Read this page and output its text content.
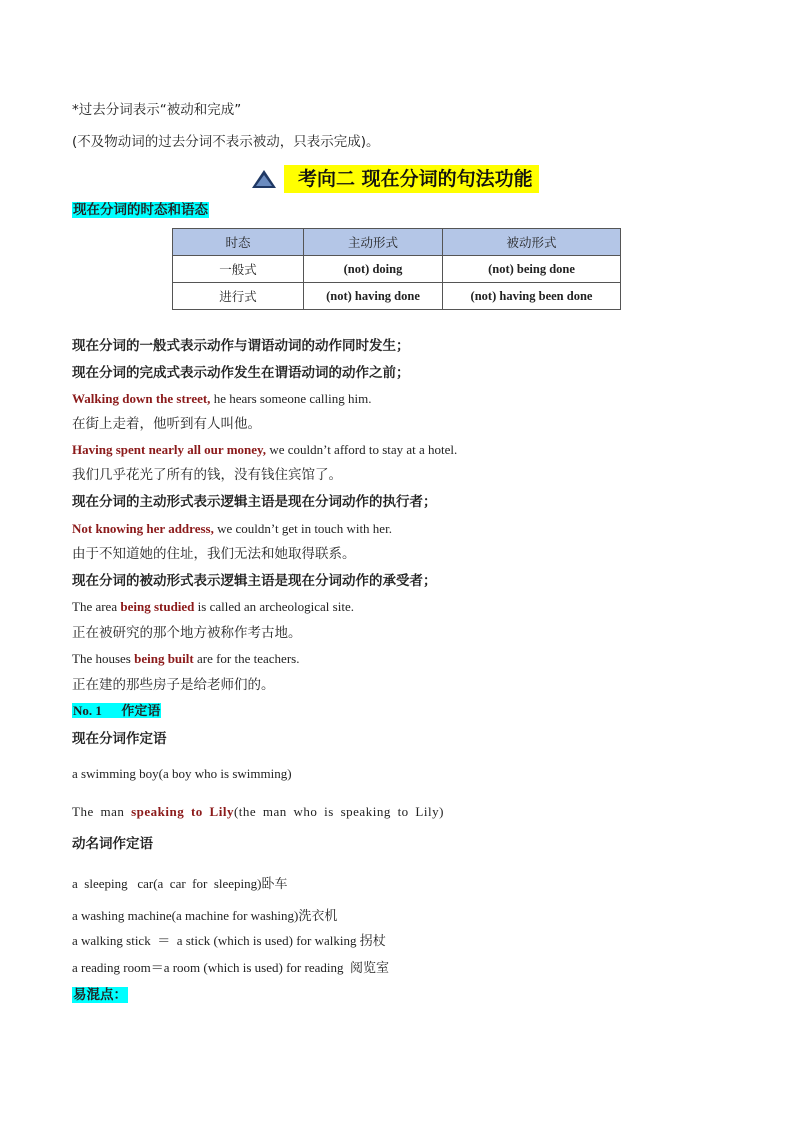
*过去分词表示“被动和完成”
(不及物动词的过去分词不表示被动，只表示完成)。
考向二 现在分词的句法功能
现在分词的时态和语态
时态	主动形式	被动形式
一般式	(not) doing	(not) being done
进行式	(not) having done	(not) having been done
现在分词的一般式表示动作与谓语动词的动作同时发生；
现在分词的完成式表示动作发生在谓语动词的动作之前；
Walking down the street, he hears someone calling him.
在街上走着，他听到有人叫他。
Having spent nearly all our money, we couldn’t afford to stay at a hotel.
我们几乎花光了所有的钱，没有钱住宾馆了。
现在分词的主动形式表示逻辑主语是现在分词动作的执行者；
Not knowing her address, we couldn’t get in touch with her.
由于不知道她的住址，我们无法和她取得联系。
现在分词的被动形式表示逻辑主语是现在分词动作的承受者；
The area being studied is called an archeological site.
正在被研究的那个地方被称作考古地。
The houses being built are for the teachers.
正在建的那些房子是给老师们的。
No. 1      作定语
现在分词作定语
a swimming boy(a boy who is swimming)
The man speaking to Lily(the man who is speaking to Lily)
动名词作定语
a  sleeping   car(a  car  for  sleeping)卧车
a washing machine(a machine for washing)洗衣机
a walking stick  ＝  a stick (which is used) for walking 拐杖
a reading room＝a room (which is used) for reading  阅览室
易混点：
